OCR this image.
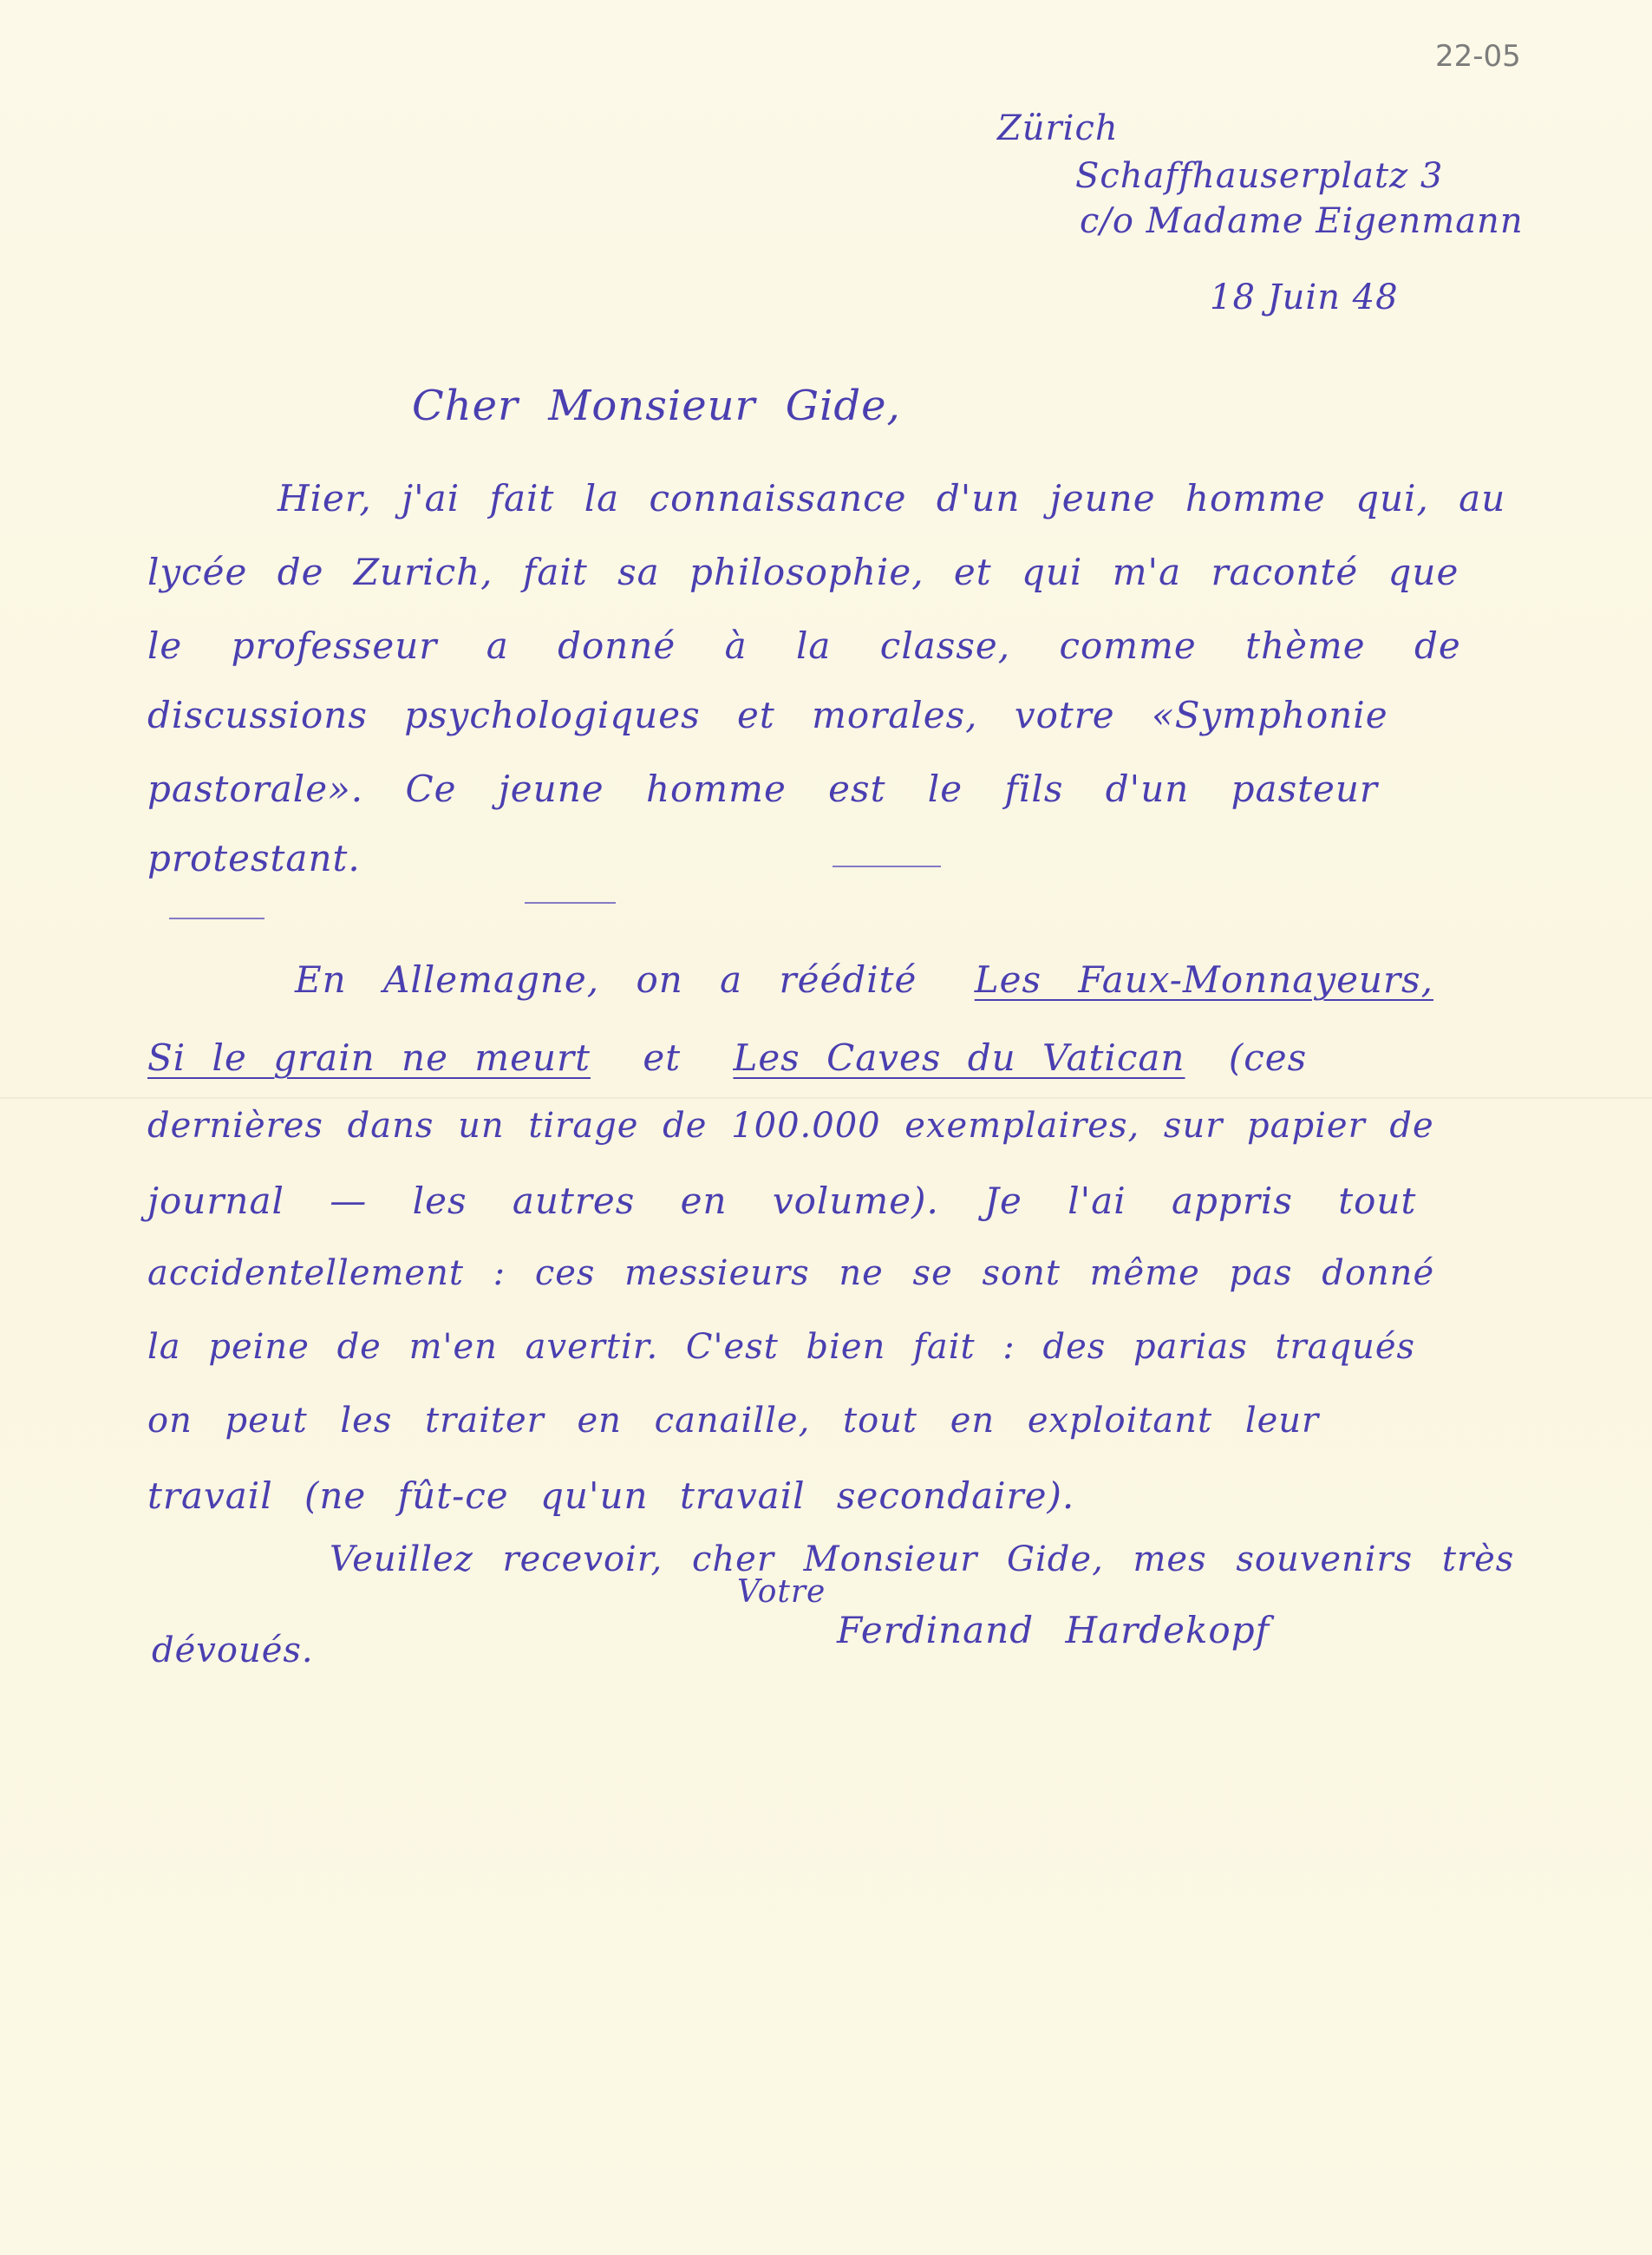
22-05
Zürich
Schaffhauserplatz 3
c/o Madame Eigenmann
18 Juin 48
Cher Monsieur Gide,
Hier, j'ai fait la connaissance d'un jeune homme qui, au
lycée de Zurich, fait sa philosophie, et qui m'a raconté que
le professeur a donné à la classe, comme thème de
discussions psychologiques et morales, votre «Symphonie
pastorale». Ce jeune homme est le fils d'un pasteur
protestant.
En Allemagne, on a réédité Les Faux-Monnayeurs,
Si le grain ne meurt et Les Caves du Vatican (ces
dernières dans un tirage de 100.000 exemplaires, sur papier de
journal — les autres en volume). Je l'ai appris tout
accidentellement : ces messieurs ne se sont même pas donné
la peine de m'en avertir. C'est bien fait : des parias traqués
on peut les traiter en canaille, tout en exploitant leur
travail (ne fût-ce qu'un travail secondaire).
Veuillez recevoir, cher Monsieur Gide, mes souvenirs très
Votre
dévoués.	Ferdinand Hardekopf
